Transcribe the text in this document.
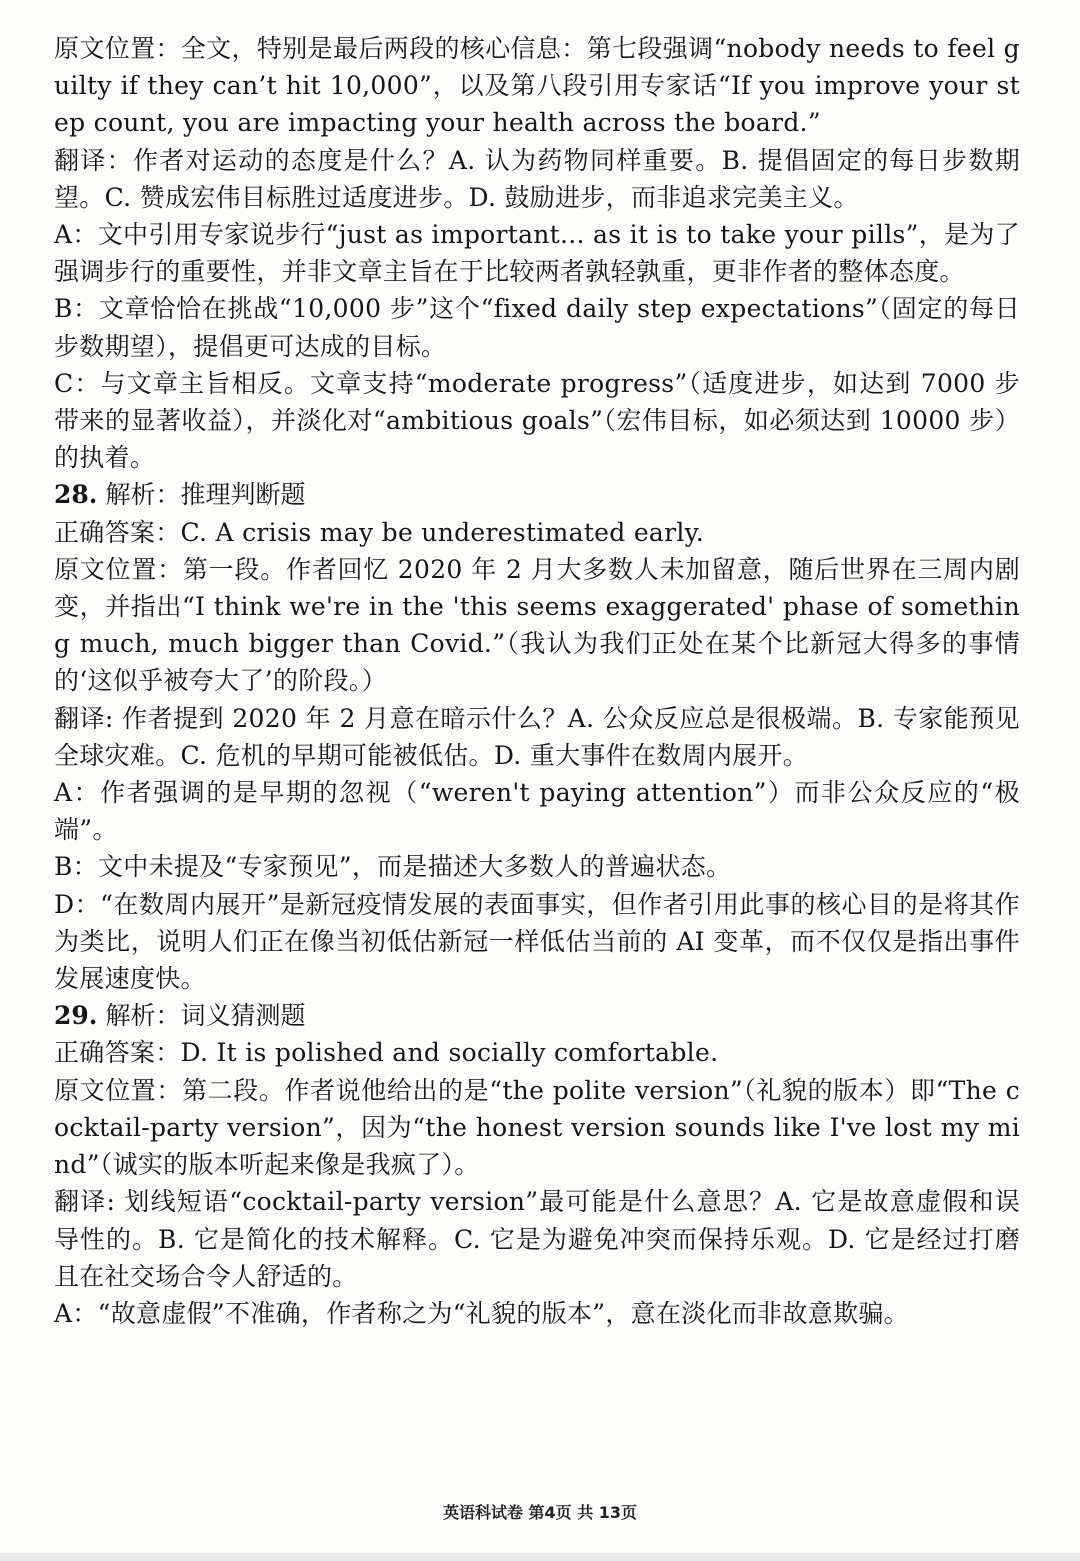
原文位置：全文，特别是最后两段的核心信息：第七段强调“nobody needs to feel guilty if they can’t hit 10,000”，以及第八段引用专家话“If you improve your step count, you are impacting your health across the board.”

翻译：作者对运动的态度是什么？A. 认为药物同样重要。B. 提倡固定的每日步数期望。C. 赞成宏伟目标胜过适度进步。D. 鼓励进步，而非追求完美主义。

A：文中引用专家说步行“just as important... as it is to take your pills”，是为了强调步行的重要性，并非文章主旨在于比较两者孰轻孰重，更非作者的整体态度。

B：文章恰恰在挑战“10,000 步”这个“fixed daily step expectations”（固定的每日步数期望），提倡更可达成的目标。

C：与文章主旨相反。文章支持“moderate progress”（适度进步，如达到 7000 步带来的显著收益），并淡化对“ambitious goals”（宏伟目标，如必须达到 10000 步）的执着。

28. 解析：推理判断题

正确答案：C. A crisis may be underestimated early.

原文位置：第一段。作者回忆 2020 年 2 月大多数人未加留意，随后世界在三周内剧变，并指出“I think we're in the 'this seems exaggerated' phase of something much, much bigger than Covid.”（我认为我们正处在某个比新冠大得多的事情的‘这似乎被夸大了’的阶段。）

翻译: 作者提到 2020 年 2 月意在暗示什么？A. 公众反应总是很极端。B. 专家能预见全球灾难。C. 危机的早期可能被低估。D. 重大事件在数周内展开。

A：作者强调的是早期的忽视（“weren't paying attention”）而非公众反应的“极端”。

B：文中未提及“专家预见”，而是描述大多数人的普遍状态。

D：“在数周内展开”是新冠疫情发展的表面事实，但作者引用此事的核心目的是将其作为类比，说明人们正在像当初低估新冠一样低估当前的 AI 变革，而不仅仅是指出事件发展速度快。

29. 解析：词义猜测题

正确答案：D. It is polished and socially comfortable.

原文位置：第二段。作者说他给出的是“the polite version”（礼貌的版本）即“The cocktail-party version”，因为“the honest version sounds like I've lost my mind”（诚实的版本听起来像是我疯了）。

翻译: 划线短语“cocktail-party version”最可能是什么意思？A. 它是故意虚假和误导性的。B. 它是简化的技术解释。C. 它是为避免冲突而保持乐观。D. 它是经过打磨且在社交场合令人舒适的。

A：“故意虚假”不准确，作者称之为“礼貌的版本”，意在淡化而非故意欺骗。

英语科试卷 第4页 共 13页
